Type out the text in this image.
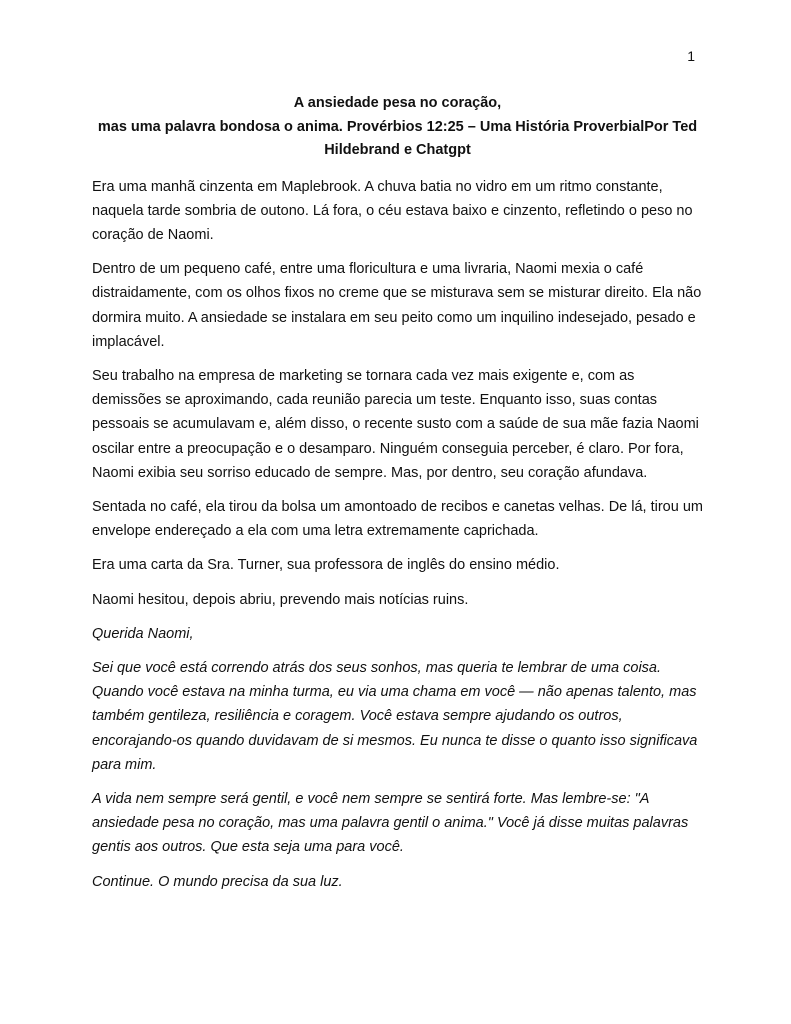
1
A ansiedade pesa no coração,
mas uma palavra bondosa o anima. Provérbios 12:25 – Uma História ProverbialPor Ted Hildebrand e Chatgpt

Era uma manhã cinzenta em Maplebrook. A chuva batia no vidro em um ritmo constante, naquela tarde sombria de outono. Lá fora, o céu estava baixo e cinzento, refletindo o peso no coração de Naomi.

Dentro de um pequeno café, entre uma floricultura e uma livraria, Naomi mexia o café distraidamente, com os olhos fixos no creme que se misturava sem se misturar direito. Ela não dormira muito. A ansiedade se instalara em seu peito como um inquilino indesejado, pesado e implacável.

Seu trabalho na empresa de marketing se tornara cada vez mais exigente e, com as demissões se aproximando, cada reunião parecia um teste. Enquanto isso, suas contas pessoais se acumulavam e, além disso, o recente susto com a saúde de sua mãe fazia Naomi oscilar entre a preocupação e o desamparo. Ninguém conseguia perceber, é claro. Por fora, Naomi exibia seu sorriso educado de sempre. Mas, por dentro, seu coração afundava.

Sentada no café, ela tirou da bolsa um amontoado de recibos e canetas velhas. De lá, tirou um envelope endereçado a ela com uma letra extremamente caprichada.

Era uma carta da Sra. Turner, sua professora de inglês do ensino médio.

Naomi hesitou, depois abriu, prevendo mais notícias ruins.

Querida Naomi,

Sei que você está correndo atrás dos seus sonhos, mas queria te lembrar de uma coisa. Quando você estava na minha turma, eu via uma chama em você — não apenas talento, mas também gentileza, resiliência e coragem. Você estava sempre ajudando os outros, encorajando-os quando duvidavam de si mesmos. Eu nunca te disse o quanto isso significava para mim.

A vida nem sempre será gentil, e você nem sempre se sentirá forte. Mas lembre-se: "A ansiedade pesa no coração, mas uma palavra gentil o anima." Você já disse muitas palavras gentis aos outros. Que esta seja uma para você.

Continue. O mundo precisa da sua luz.
